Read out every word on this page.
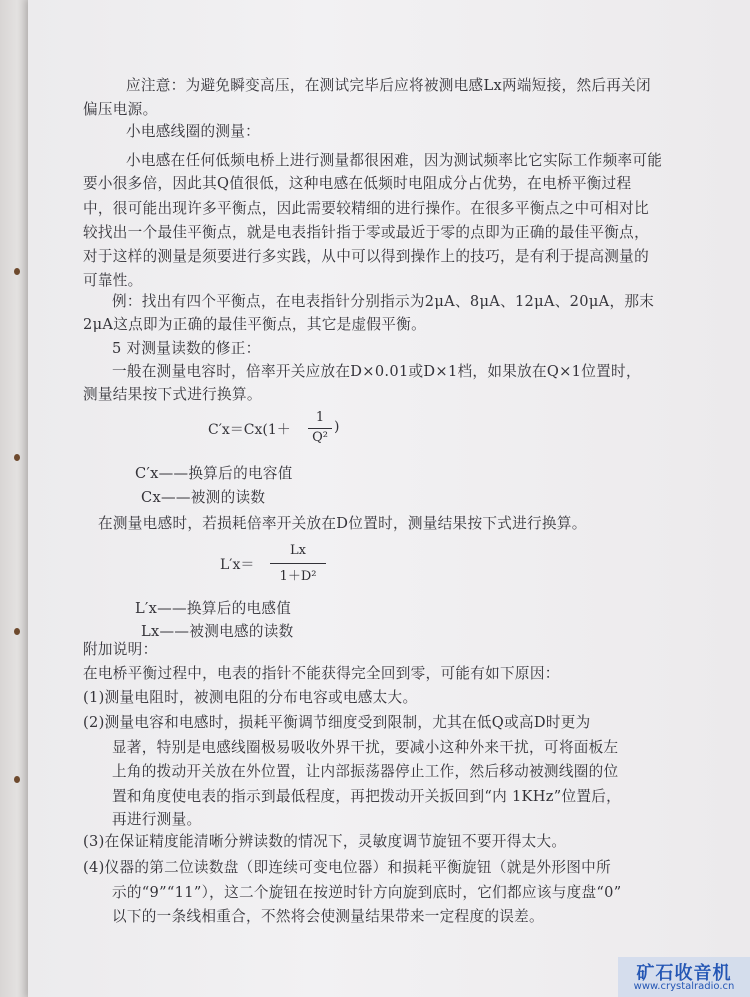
应注意：为避免瞬变高压，在测试完毕后应将被测电感Lx两端短接，然后再关闭
偏压电源。
小电感线圈的测量：
小电感在任何低频电桥上进行测量都很困难，因为测试频率比它实际工作频率可能
要小很多倍，因此其Q值很低，这种电感在低频时电阻成分占优势，在电桥平衡过程
中，很可能出现许多平衡点，因此需要较精细的进行操作。在很多平衡点之中可相对比
较找出一个最佳平衡点，就是电表指针指于零或最近于零的点即为正确的最佳平衡点，
对于这样的测量是须要进行多实践，从中可以得到操作上的技巧，是有利于提高测量的
可靠性。
例：找出有四个平衡点，在电表指针分别指示为2μA、8μA、12μA、20μA，那末
2μA这点即为正确的最佳平衡点，其它是虚假平衡。
5 对测量读数的修正：
一般在测量电容时，倍率开关应放在D×0.01或D×1档，如果放在Q×1位置时，
测量结果按下式进行换算。
C′x＝Cx(1＋
1
Q²
)
C′x——换算后的电容值
Cx——被测的读数
在测量电感时，若损耗倍率开关放在D位置时，测量结果按下式进行换算。
L′x＝
Lx
1＋D²
L′x——换算后的电感值
Lx——被测电感的读数
附加说明：
在电桥平衡过程中，电表的指针不能获得完全回到零，可能有如下原因：
(1)测量电阻时，被测电阻的分布电容或电感太大。
(2)测量电容和电感时，损耗平衡调节细度受到限制，尤其在低Q或高D时更为
显著，特别是电感线圈极易吸收外界干扰，要减小这种外来干扰，可将面板左
上角的拨动开关放在外位置，让内部振荡器停止工作，然后移动被测线圈的位
置和角度使电表的指示到最低程度，再把拨动开关扳回到“内 1KHz”位置后，
再进行测量。
(3)在保证精度能清晰分辨读数的情况下，灵敏度调节旋钮不要开得太大。
(4)仪器的第二位读数盘（即连续可变电位器）和损耗平衡旋钮（就是外形图中所
示的“9”“11”），这二个旋钮在按逆时针方向旋到底时，它们都应该与度盘“0”
以下的一条线相重合，不然将会使测量结果带来一定程度的误差。
矿石收音机
www.crystalradio.cn
